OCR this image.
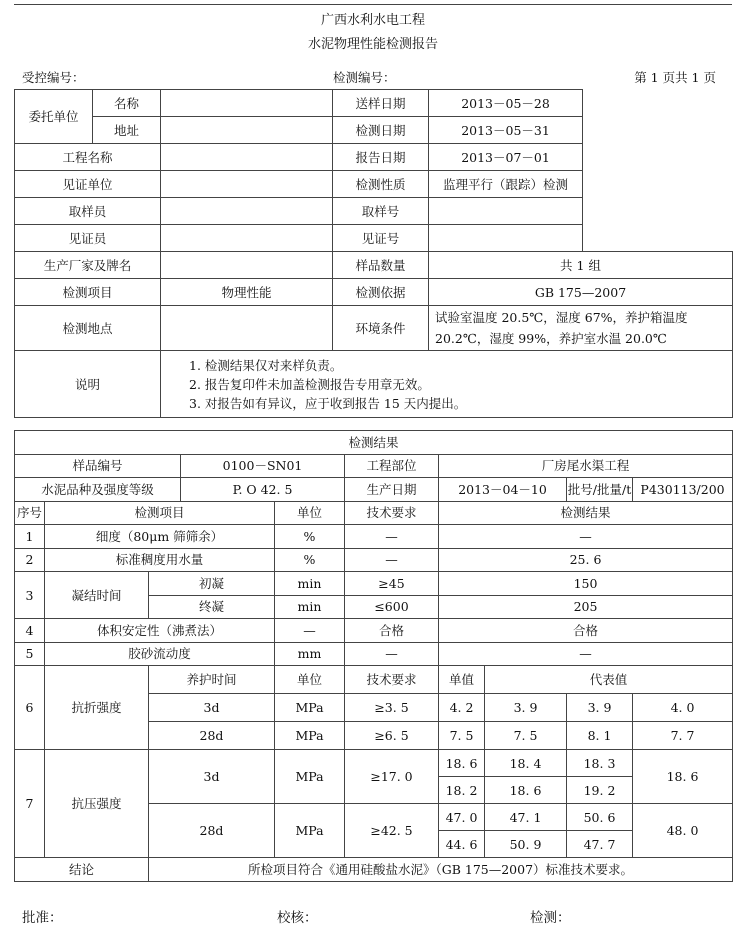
广西水利水电工程
水泥物理性能检测报告
受控编号：	检测编号：	第 1 页共 1 页
委托单位	名称		送样日期	2013－05－28	
	地址		检测日期	2013－05－31	
工程名称			报告日期	2013－07－01	
见证单位			检测性质	监理平行（跟踪）检测	
取样员			取样号		
见证员			见证号		
生产厂家及牌名			样品数量	共 1 组	
检测项目		物理性能	检测依据	GB 175—2007	
检测地点			环境条件	试验室温度 20.5℃，湿度 67%，养护箱温度 20.2℃，湿度 99%，养护室水温 20.0℃	
说明		1. 检测结果仅对来样负责。
2. 报告复印件未加盖检测报告专用章无效。
3. 对报告如有异议，应于收到报告 15 天内提出。			
检测结果									
样品编号			0100－SN01		工程部位	厂房尾水渠工程			
水泥品种及强度等级			P. O 42. 5		生产日期	2013－04－10		批号/批量/t	P430113/200
序号	检测项目			单位	技术要求	检测结果			
1	细度（80μm 筛筛余）			%	—	—			
2	标准稠度用水量			%	—	25. 6			
3	凝结时间	初凝		min	≥45	150			
		终凝		min	≤600	205			
4	体积安定性（沸煮法）			—	合格	合格			
5	胶砂流动度			mm	—	—			
6	抗折强度	养护时间		单位	技术要求	单值	代表值		
		3d		MPa	≥3. 5	4. 2	3. 9	3. 9	4. 0
		28d		MPa	≥6. 5	7. 5	7. 5	8. 1	7. 7
7	抗压强度	3d		MPa	≥17. 0	18. 6	18. 4	18. 3	18. 6
						18. 2	18. 6	19. 2	
		28d		MPa	≥42. 5	47. 0	47. 1	50. 6	48. 0
						44. 6	50. 9	47. 7	
结论		所检项目符合《通用硅酸盐水泥》（GB 175—2007）标准技术要求。							
批准：	校核：	检测：
